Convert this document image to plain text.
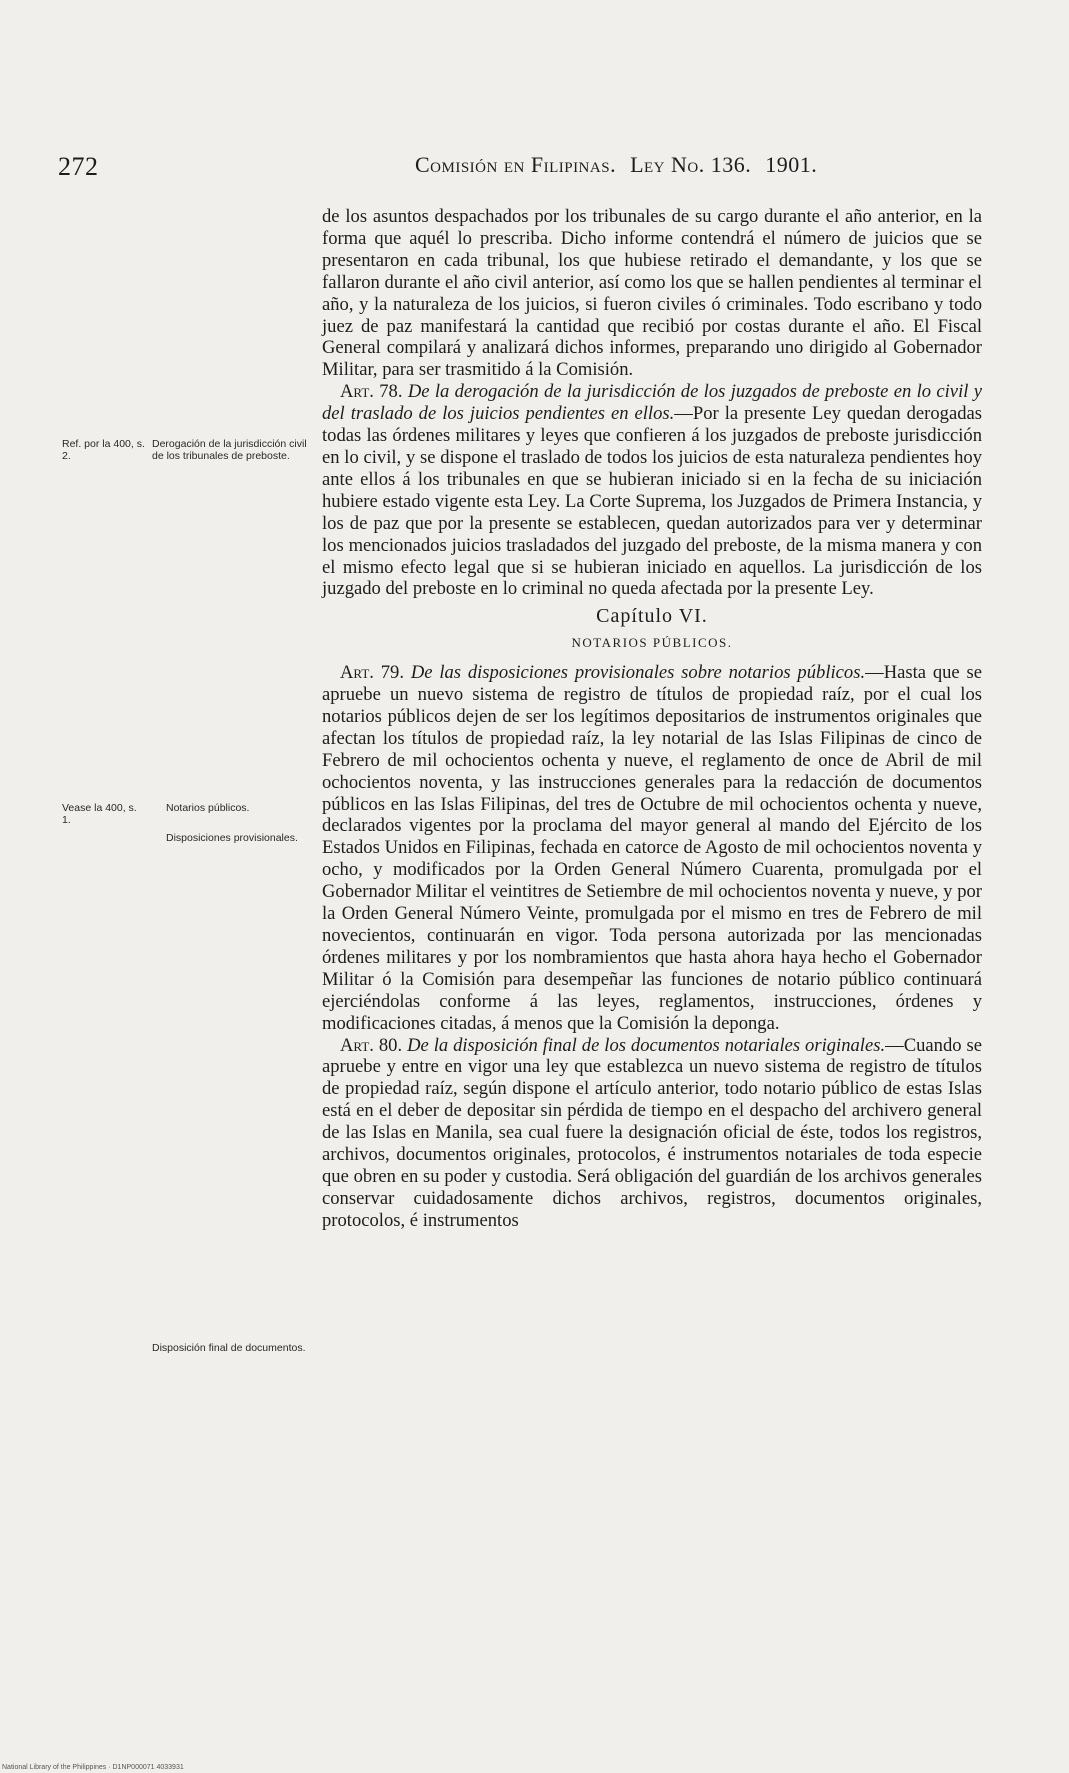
272	Comisión en Filipinas. Ley No. 136. 1901.
Ref. por la 400, s. 2.
Derogación de la jurisdicción civil de los tribunales de preboste.
Vease la 400, s. 1.
Notarios públicos.
Disposiciones provisionales.
Disposición final de documentos.

de los asuntos despachados por los tribunales de su cargo durante el año anterior, en la forma que aquél lo prescriba. Dicho informe contendrá el número de juicios que se presentaron en cada tribunal, los que hubiese retirado el demandante, y los que se fallaron durante el año civil anterior, así como los que se hallen pendientes al terminar el año, y la naturaleza de los juicios, si fueron civiles ó criminales. Todo escribano y todo juez de paz manifestará la cantidad que recibió por costas durante el año. El Fiscal General compilará y analizará dichos informes, preparando uno dirigido al Gobernador Militar, para ser trasmitido á la Comisión.

Art. 78. De la derogación de la jurisdicción de los juzgados de preboste en lo civil y del traslado de los juicios pendientes en ellos.—Por la presente Ley quedan derogadas todas las órdenes militares y leyes que confieren á los juzgados de preboste jurisdicción en lo civil, y se dispone el traslado de todos los juicios de esta naturaleza pendientes hoy ante ellos á los tribunales en que se hubieran iniciado si en la fecha de su iniciación hubiere estado vigente esta Ley. La Corte Suprema, los Juzgados de Primera Instancia, y los de paz que por la presente se establecen, quedan autorizados para ver y determinar los mencionados juicios trasladados del juzgado del preboste, de la misma manera y con el mismo efecto legal que si se hubieran iniciado en aquellos. La jurisdicción de los juzgado del preboste en lo criminal no queda afectada por la presente Ley.

Capítulo VI.
NOTARIOS PÚBLICOS.

Art. 79. De las disposiciones provisionales sobre notarios públicos.—Hasta que se apruebe un nuevo sistema de registro de títulos de propiedad raíz, por el cual los notarios públicos dejen de ser los legítimos depositarios de instrumentos originales que afectan los títulos de propiedad raíz, la ley notarial de las Islas Filipinas de cinco de Febrero de mil ochocientos ochenta y nueve, el reglamento de once de Abril de mil ochocientos noventa, y las instrucciones generales para la redacción de documentos públicos en las Islas Filipinas, del tres de Octubre de mil ochocientos ochenta y nueve, declarados vigentes por la proclama del mayor general al mando del Ejército de los Estados Unidos en Filipinas, fechada en catorce de Agosto de mil ochocientos noventa y ocho, y modificados por la Orden General Número Cuarenta, promulgada por el Gobernador Militar el veintitres de Setiembre de mil ochocientos noventa y nueve, y por la Orden General Número Veinte, promulgada por el mismo en tres de Febrero de mil novecientos, continuarán en vigor. Toda persona autorizada por las mencionadas órdenes militares y por los nombramientos que hasta ahora haya hecho el Gobernador Militar ó la Comisión para desempeñar las funciones de notario público continuará ejerciéndolas conforme á las leyes, reglamentos, instrucciones, órdenes y modificaciones citadas, á menos que la Comisión la deponga.

Art. 80. De la disposición final de los documentos notariales originales.—Cuando se apruebe y entre en vigor una ley que establezca un nuevo sistema de registro de títulos de propiedad raíz, según dispone el artículo anterior, todo notario público de estas Islas está en el deber de depositar sin pérdida de tiempo en el despacho del archivero general de las Islas en Manila, sea cual fuere la designación oficial de éste, todos los registros, archivos, documentos originales, protocolos, é instrumentos notariales de toda especie que obren en su poder y custodia. Será obligación del guardián de los archivos generales conservar cuidadosamente dichos archivos, registros, documentos originales, protocolos, é instrumentos

National Library of the Philippines · D1NP000071 4033931
